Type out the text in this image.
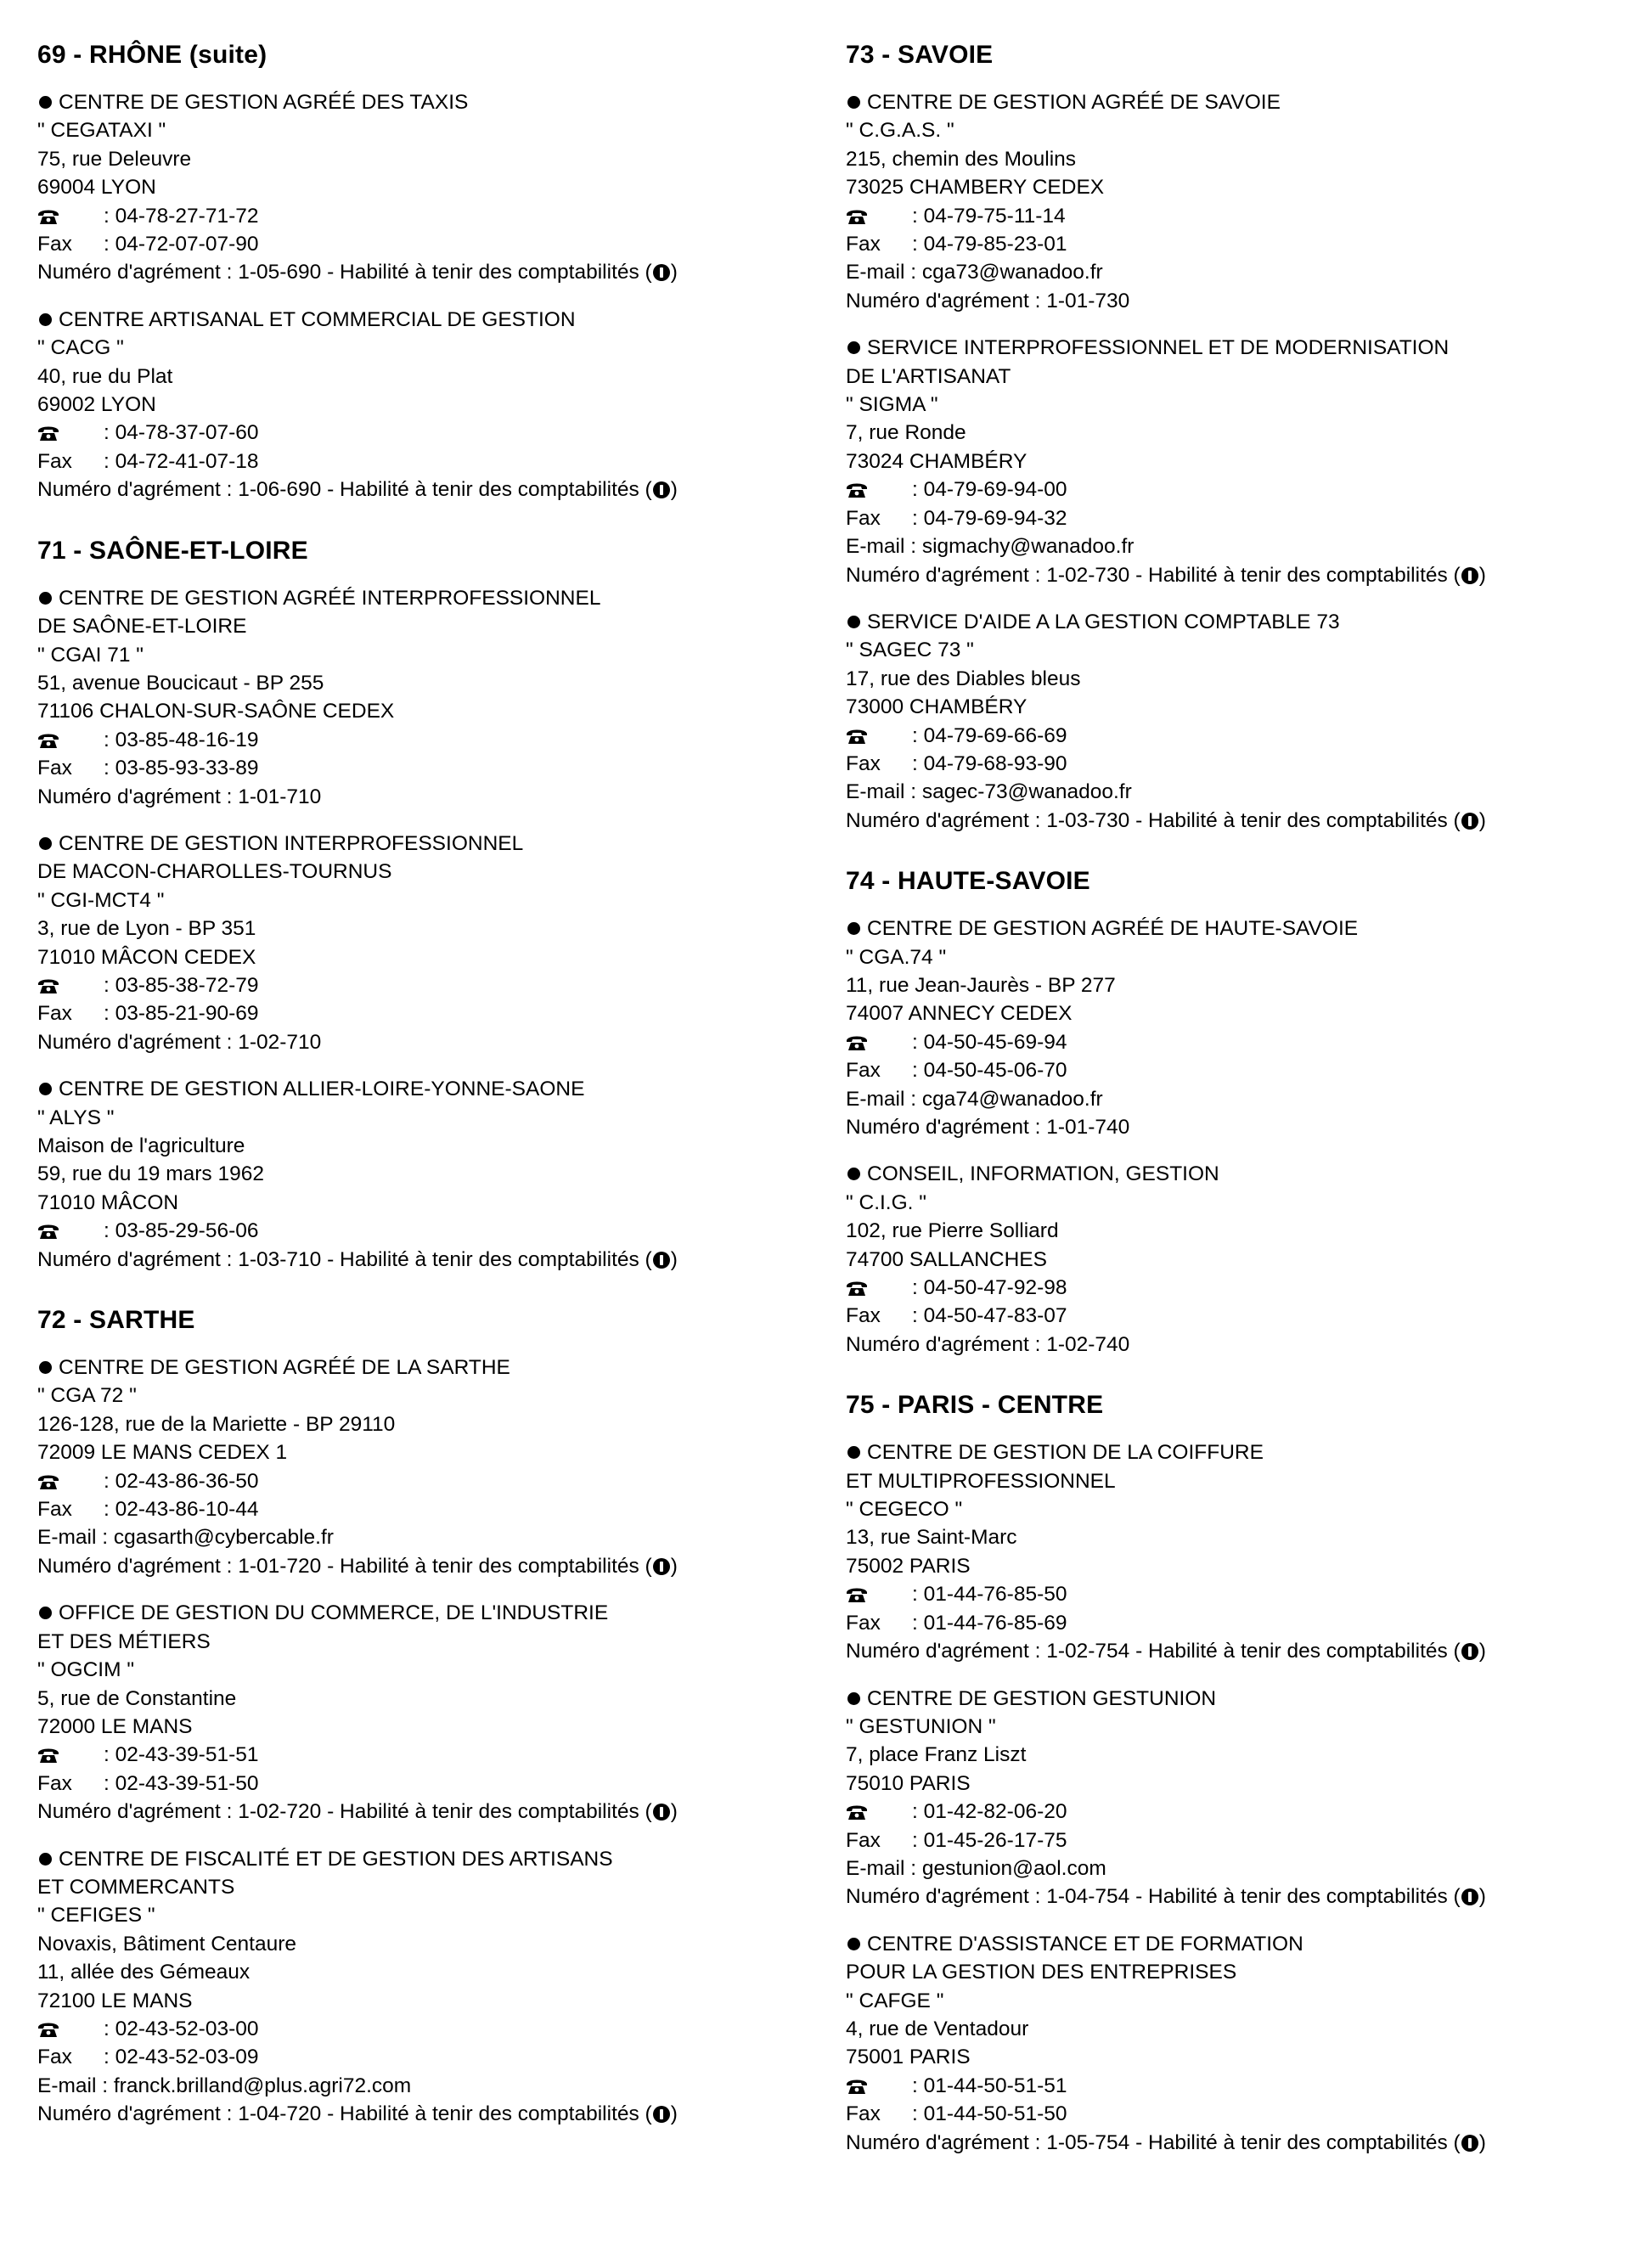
69 - RHÔNE (suite)
CENTRE DE GESTION AGRÉÉ DES TAXIS
" CEGATAXI "
75, rue Deleuvre
69004 LYON
: 04-78-27-71-72
Fax : 04-72-07-07-90
Numéro d'agrément : 1-05-690 - Habilité à tenir des comptabilités ( )
CENTRE ARTISANAL ET COMMERCIAL DE GESTION
" CACG "
40, rue du Plat
69002 LYON
: 04-78-37-07-60
Fax : 04-72-41-07-18
Numéro d'agrément : 1-06-690 - Habilité à tenir des comptabilités ( )
71 - SAÔNE-ET-LOIRE
CENTRE DE GESTION AGRÉÉ INTERPROFESSIONNEL
DE SAÔNE-ET-LOIRE
" CGAI 71 "
51, avenue Boucicaut - BP 255
71106 CHALON-SUR-SAÔNE CEDEX
: 03-85-48-16-19
Fax : 03-85-93-33-89
Numéro d'agrément : 1-01-710
CENTRE DE GESTION INTERPROFESSIONNEL
DE MACON-CHAROLLES-TOURNUS
" CGI-MCT4 "
3, rue de Lyon - BP 351
71010 MÂCON CEDEX
: 03-85-38-72-79
Fax : 03-85-21-90-69
Numéro d'agrément : 1-02-710
CENTRE DE GESTION ALLIER-LOIRE-YONNE-SAONE
" ALYS "
Maison de l'agriculture
59, rue du 19 mars 1962
71010 MÂCON
: 03-85-29-56-06
Numéro d'agrément : 1-03-710 - Habilité à tenir des comptabilités ( )
72 - SARTHE
CENTRE DE GESTION AGRÉÉ DE LA SARTHE
" CGA 72 "
126-128, rue de la Mariette - BP 29110
72009 LE MANS CEDEX 1
: 02-43-86-36-50
Fax : 02-43-86-10-44
E-mail : cgasarth@cybercable.fr
Numéro d'agrément : 1-01-720 - Habilité à tenir des comptabilités ( )
OFFICE DE GESTION DU COMMERCE, DE L'INDUSTRIE
ET DES MÉTIERS
" OGCIM "
5, rue de Constantine
72000 LE MANS
: 02-43-39-51-51
Fax : 02-43-39-51-50
Numéro d'agrément : 1-02-720 - Habilité à tenir des comptabilités ( )
CENTRE DE FISCALITÉ ET DE GESTION DES ARTISANS
ET COMMERCANTS
" CEFIGES "
Novaxis, Bâtiment Centaure
11, allée des Gémeaux
72100 LE MANS
: 02-43-52-03-00
Fax : 02-43-52-03-09
E-mail : franck.brilland@plus.agri72.com
Numéro d'agrément : 1-04-720 - Habilité à tenir des comptabilités ( )
73 - SAVOIE
CENTRE DE GESTION AGRÉÉ DE SAVOIE
" C.G.A.S. "
215, chemin des Moulins
73025 CHAMBERY CEDEX
: 04-79-75-11-14
Fax : 04-79-85-23-01
E-mail : cga73@wanadoo.fr
Numéro d'agrément : 1-01-730
SERVICE INTERPROFESSIONNEL ET DE MODERNISATION
DE L'ARTISANAT
" SIGMA "
7, rue Ronde
73024 CHAMBÉRY
: 04-79-69-94-00
Fax : 04-79-69-94-32
E-mail : sigmachy@wanadoo.fr
Numéro d'agrément : 1-02-730 - Habilité à tenir des comptabilités ( )
SERVICE D'AIDE A LA GESTION COMPTABLE 73
" SAGEC 73 "
17, rue des Diables bleus
73000 CHAMBÉRY
: 04-79-69-66-69
Fax : 04-79-68-93-90
E-mail : sagec-73@wanadoo.fr
Numéro d'agrément : 1-03-730 - Habilité à tenir des comptabilités ( )
74 - HAUTE-SAVOIE
CENTRE DE GESTION AGRÉÉ DE HAUTE-SAVOIE
" CGA.74 "
11, rue Jean-Jaurès - BP 277
74007 ANNECY CEDEX
: 04-50-45-69-94
Fax : 04-50-45-06-70
E-mail : cga74@wanadoo.fr
Numéro d'agrément : 1-01-740
CONSEIL, INFORMATION, GESTION
" C.I.G. "
102, rue Pierre Solliard
74700 SALLANCHES
: 04-50-47-92-98
Fax : 04-50-47-83-07
Numéro d'agrément : 1-02-740
75 - PARIS - CENTRE
CENTRE DE GESTION DE LA COIFFURE
ET MULTIPROFESSIONNEL
" CEGECO "
13, rue Saint-Marc
75002 PARIS
: 01-44-76-85-50
Fax : 01-44-76-85-69
Numéro d'agrément : 1-02-754 - Habilité à tenir des comptabilités ( )
CENTRE DE GESTION GESTUNION
" GESTUNION "
7, place Franz Liszt
75010 PARIS
: 01-42-82-06-20
Fax : 01-45-26-17-75
E-mail : gestunion@aol.com
Numéro d'agrément : 1-04-754 - Habilité à tenir des comptabilités ( )
CENTRE D'ASSISTANCE ET DE FORMATION
POUR LA GESTION DES ENTREPRISES
" CAFGE "
4, rue de Ventadour
75001 PARIS
: 01-44-50-51-51
Fax : 01-44-50-51-50
Numéro d'agrément : 1-05-754 - Habilité à tenir des comptabilités ( )
